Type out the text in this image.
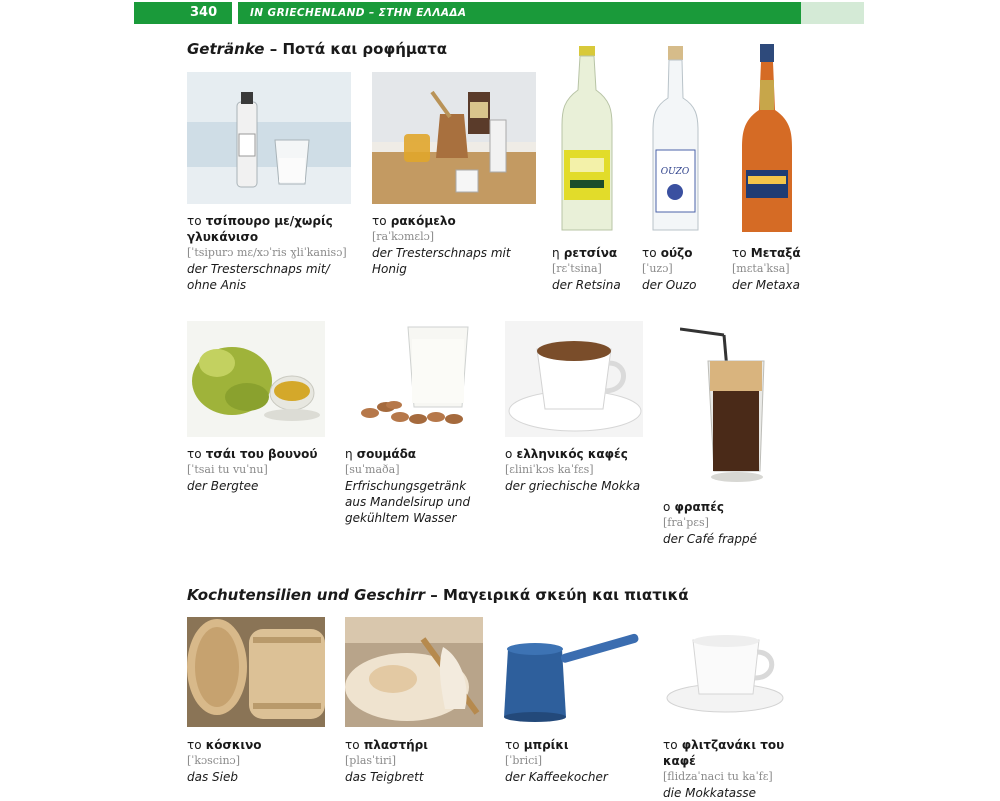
340	IN GRIECHENLAND – ΣΤΗΝ ΕΛΛΑΔΑ
Getränke – Ποτά και ροφήματα
OUZO
το τσίπουρο με/χωρίς γλυκάνισο
[ˈtsipurɔ mɛ/xɔˈris ɣliˈkanisɔ]
der Tresterschnaps mit/ ohne Anis
το ρακόμελο
[raˈkɔmɛlɔ]
der Tresterschnaps mit Honig
η ρετσίνα
[rɛˈtsina]
der Retsina
το ούζο
[ˈuzɔ]
der Ouzo
το Μεταξά
[mɛtaˈksa]
der Metaxa
το τσάι του βουνού
[ˈtsai tu vuˈnu]
der Bergtee
η σουμάδα
[suˈmaða]
Erfrischungsgetränk aus Mandelsirup und gekühltem Wasser
ο ελληνικός καφές
[ɛliniˈkɔs kaˈfɛs]
der griechische Mokka
ο φραπές
[fraˈpɛs]
der Café frappé
Kochutensilien und Geschirr – Μαγειρικά σκεύη και πιατικά
το κόσκινο
[ˈkɔscinɔ]
das Sieb
το πλαστήρι
[plasˈtiri]
das Teigbrett
το μπρίκι
[ˈbrici]
der Kaffeekocher
το φλιτζανάκι του καφέ
[flidzaˈnaci tu kaˈfɛ]
die Mokkatasse
